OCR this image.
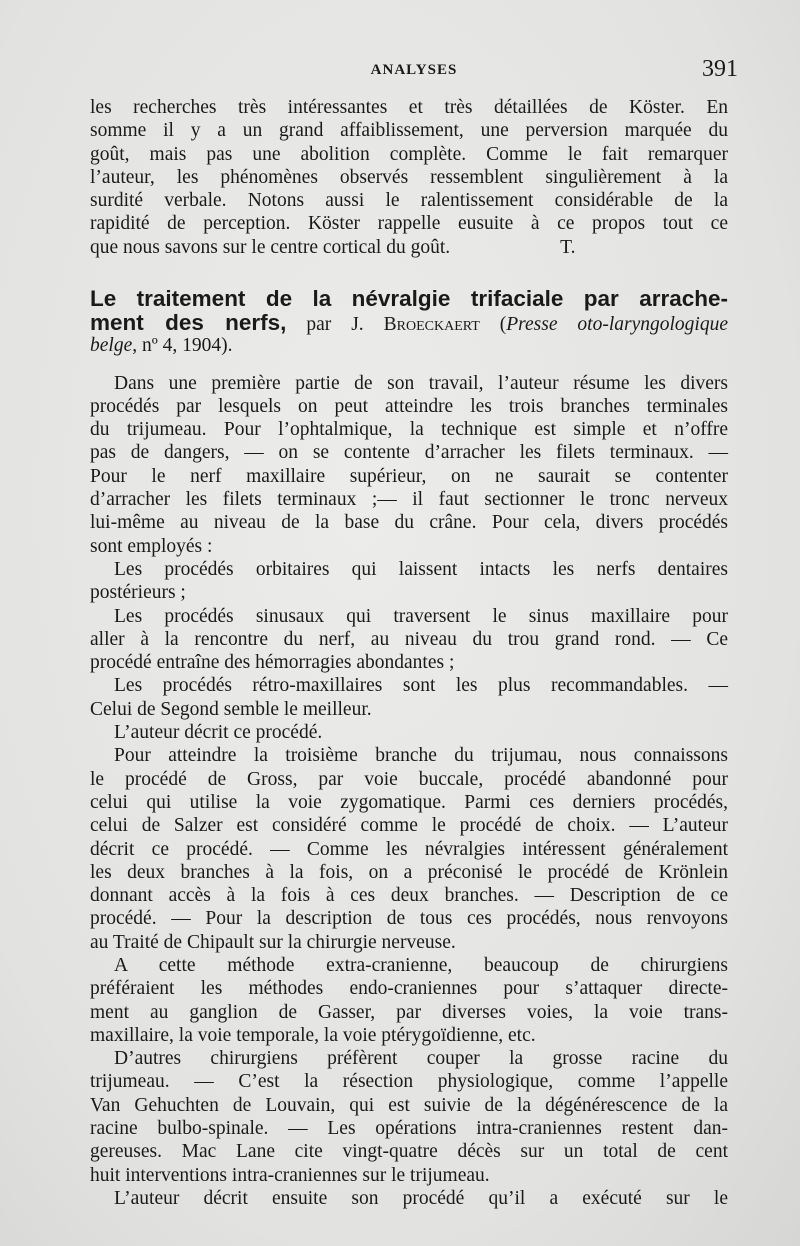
ANALYSES	391
les recherches très intéressantes et très détaillées de Köster. En
somme il y a un grand affaiblissement, une perversion marquée du
goût, mais pas une abolition complète. Comme le fait remarquer
l’auteur, les phénomènes observés ressemblent singulièrement à la
surdité verbale. Notons aussi le ralentissement considérable de la
rapidité de perception. Köster rappelle eusuite à ce propos tout ce
que nous savons sur le centre cortical du goût.	T.
Le traitement de la névralgie trifaciale par arrache-
ment des nerfs, par J. Broeckaert (Presse oto-laryngologique
belge, nº 4, 1904).
Dans une première partie de son travail, l’auteur résume les divers
procédés par lesquels on peut atteindre les trois branches terminales
du trijumeau. Pour l’ophtalmique, la technique est simple et n’offre
pas de dangers, — on se contente d’arracher les filets terminaux. —
Pour le nerf maxillaire supérieur, on ne saurait se contenter
d’arracher les filets terminaux ;— il faut sectionner le tronc nerveux
lui-même au niveau de la base du crâne. Pour cela, divers procédés
sont employés :
Les procédés orbitaires qui laissent intacts les nerfs dentaires
postérieurs ;
Les procédés sinusaux qui traversent le sinus maxillaire pour
aller à la rencontre du nerf, au niveau du trou grand rond. — Ce
procédé entraîne des hémorragies abondantes ;
Les procédés rétro-maxillaires sont les plus recommandables. —
Celui de Segond semble le meilleur.
L’auteur décrit ce procédé.
Pour atteindre la troisième branche du trijumau, nous connaissons
le procédé de Gross, par voie buccale, procédé abandonné pour
celui qui utilise la voie zygomatique. Parmi ces derniers procédés,
celui de Salzer est considéré comme le procédé de choix. — L’auteur
décrit ce procédé. — Comme les névralgies intéressent généralement
les deux branches à la fois, on a préconisé le procédé de Krönlein
donnant accès à la fois à ces deux branches. — Description de ce
procédé. — Pour la description de tous ces procédés, nous renvoyons
au Traité de Chipault sur la chirurgie nerveuse.
A cette méthode extra-cranienne, beaucoup de chirurgiens
préféraient les méthodes endo-craniennes pour s’attaquer directe-
ment au ganglion de Gasser, par diverses voies, la voie trans-
maxillaire, la voie temporale, la voie ptérygoïdienne, etc.
D’autres chirurgiens préfèrent couper la grosse racine du
trijumeau. — C’est la résection physiologique, comme l’appelle
Van Gehuchten de Louvain, qui est suivie de la dégénérescence de la
racine bulbo-spinale. — Les opérations intra-craniennes restent dan-
gereuses. Mac Lane cite vingt-quatre décès sur un total de cent
huit interventions intra-craniennes sur le trijumeau.
L’auteur décrit ensuite son procédé qu’il a exécuté sur le
